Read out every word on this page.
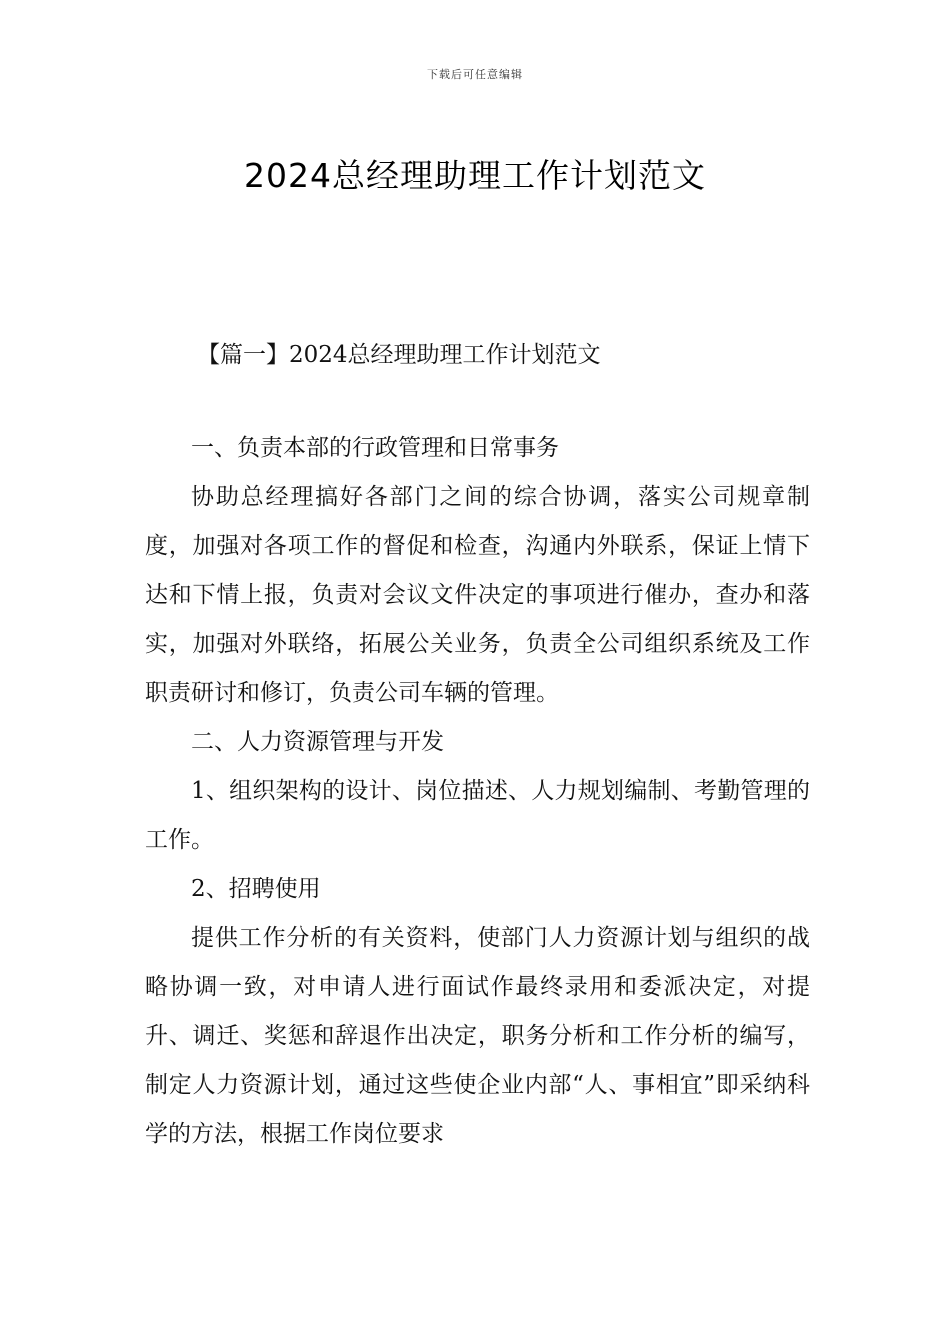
下载后可任意编辑
2024总经理助理工作计划范文
【篇一】2024总经理助理工作计划范文

一、负责本部的行政管理和日常事务

协助总经理搞好各部门之间的综合协调，落实公司规章制度，加强对各项工作的督促和检查，沟通内外联系，保证上情下达和下情上报，负责对会议文件决定的事项进行催办，查办和落实，加强对外联络，拓展公关业务，负责全公司组织系统及工作职责研讨和修订，负责公司车辆的管理。

二、人力资源管理与开发

1、组织架构的设计、岗位描述、人力规划编制、考勤管理的工作。

2、招聘使用

提供工作分析的有关资料，使部门人力资源计划与组织的战略协调一致，对申请人进行面试作最终录用和委派决定，对提升、调迁、奖惩和辞退作出决定，职务分析和工作分析的编写，制定人力资源计划，通过这些使企业内部“人、事相宜”即采纳科学的方法，根据工作岗位要求
